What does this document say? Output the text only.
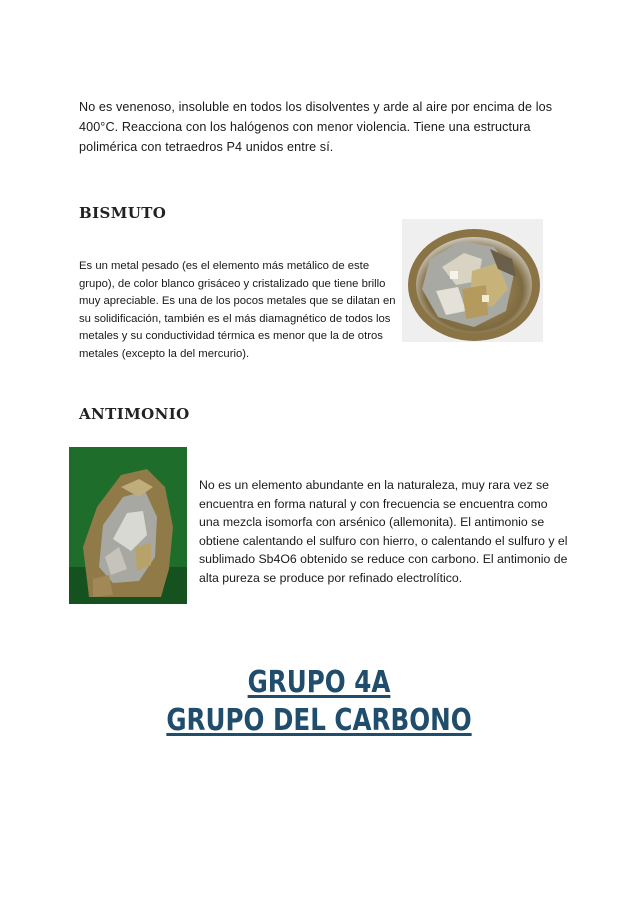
No es venenoso, insoluble en todos los disolventes y arde al aire por encima de los 400°C. Reacciona con los halógenos con menor violencia. Tiene una estructura polimérica con tetraedros P4 unidos entre sí.

BISMUTO

Es un metal pesado (es el elemento más metálico de este grupo), de color blanco grisáceo y cristalizado que tiene brillo muy apreciable. Es una de los pocos metales que se dilatan en su solidificación, también es el más diamagnético de todos los metales y su conductividad térmica es menor que la de otros metales (excepto la del mercurio).

ANTIMONIO

No es un elemento abundante en la naturaleza, muy rara vez se encuentra en forma natural y con frecuencia se encuentra como una mezcla isomorfa con arsénico (allemonita). El antimonio se obtiene calentando el sulfuro con hierro, o calentando el sulfuro y el sublimado Sb4O6 obtenido se reduce con carbono. El antimonio de alta pureza se produce por refinado electrolítico.

GRUPO 4A
GRUPO DEL CARBONO
